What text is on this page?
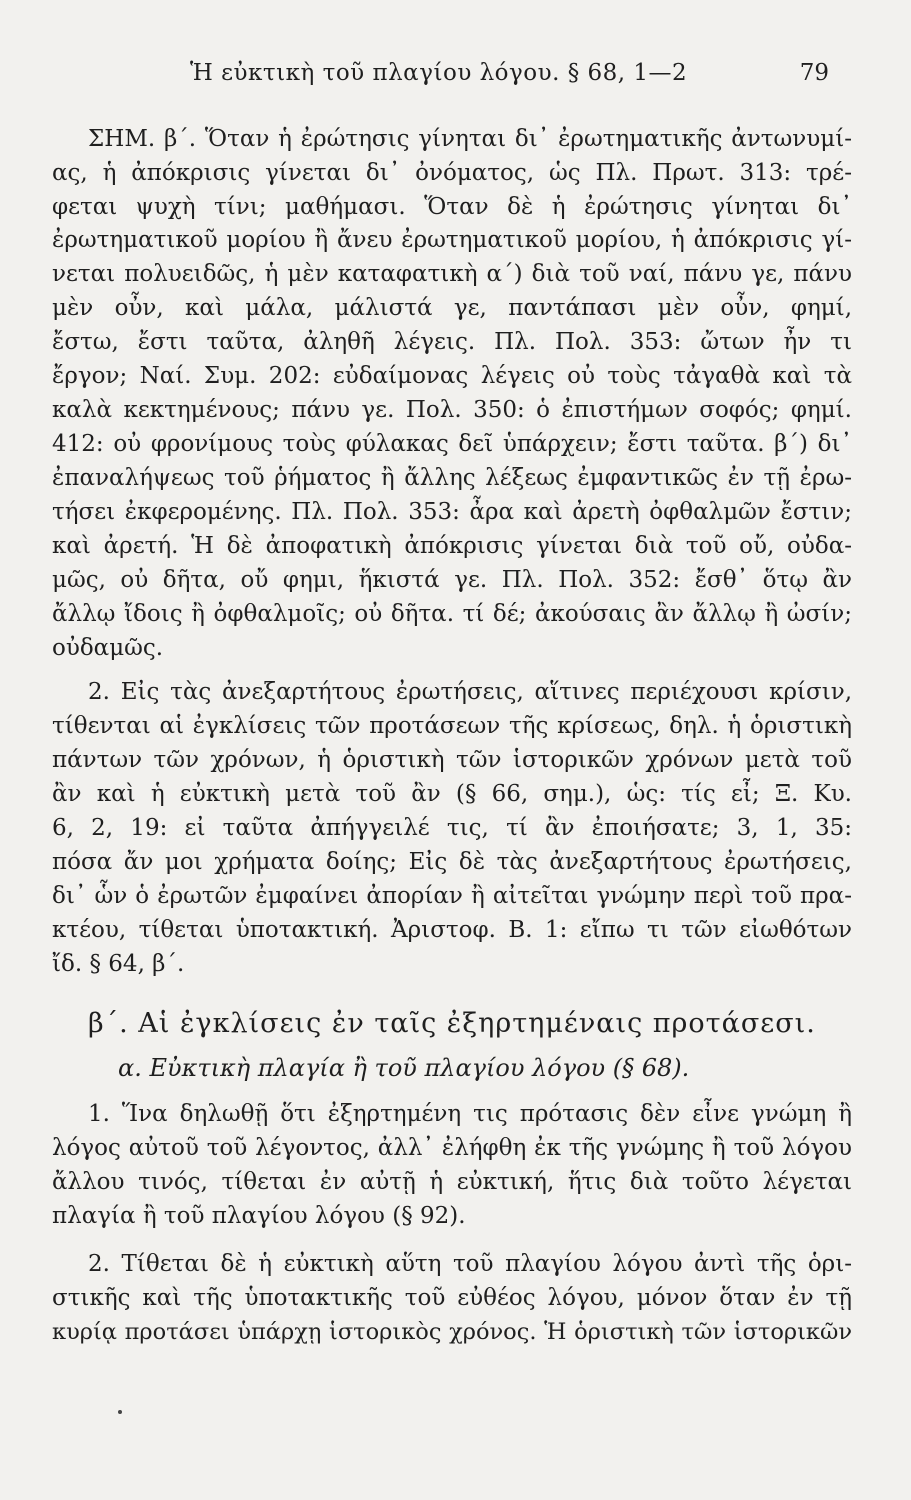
Ἡ εὐκτικὴ τοῦ πλαγίου λόγου. § 68, 1—2	79
ΣΗΜ. β΄. Ὅταν ἡ ἐρώτησις γίνηται δι᾽ ἐρωτηματικῆς ἀντωνυμί-
ας, ἡ ἀπόκρισις γίνεται δι᾽ ὀνόματος, ὡς Πλ. Πρωτ. 313: τρέ-
φεται ψυχὴ τίνι; μαθήμασι. Ὅταν δὲ ἡ ἐρώτησις γίνηται δι᾽
ἐρωτηματικοῦ μορίου ἢ ἄνευ ἐρωτηματικοῦ μορίου, ἡ ἀπόκρισις γί-
νεται πολυειδῶς, ἡ μὲν καταφατικὴ α΄) διὰ τοῦ ναί, πάνυ γε, πάνυ
μὲν οὖν, καὶ μάλα, μάλιστά γε, παντάπασι μὲν οὖν, φημί,
ἔστω, ἔστι ταῦτα, ἀληθῆ λέγεις. Πλ. Πολ. 353: ὤτων ἦν τι
ἔργον; Ναί. Συμ. 202: εὐδαίμονας λέγεις οὐ τοὺς τἀγαθὰ καὶ τὰ
καλὰ κεκτημένους; πάνυ γε. Πολ. 350: ὁ ἐπιστήμων σοφός; φημί.
412: οὐ φρονίμους τοὺς φύλακας δεῖ ὑπάρχειν; ἔστι ταῦτα. β΄) δι᾽
ἐπαναλήψεως τοῦ ῥήματος ἢ ἄλλης λέξεως ἐμφαντικῶς ἐν τῇ ἐρω-
τήσει ἐκφερομένης. Πλ. Πολ. 353: ἆρα καὶ ἀρετὴ ὀφθαλμῶν ἔστιν;
καὶ ἀρετή. Ἡ δὲ ἀποφατικὴ ἀπόκρισις γίνεται διὰ τοῦ οὔ, οὐδα-
μῶς, οὐ δῆτα, οὔ φημι, ἥκιστά γε. Πλ. Πολ. 352: ἔσθ᾽ ὅτῳ ἂν
ἄλλῳ ἴδοις ἢ ὀφθαλμοῖς; οὐ δῆτα. τί δέ; ἀκούσαις ἂν ἄλλῳ ἢ ὠσίν;
οὐδαμῶς.
2. Εἰς τὰς ἀνεξαρτήτους ἐρωτήσεις, αἵτινες περιέχουσι κρίσιν,
τίθενται αἱ ἐγκλίσεις τῶν προτάσεων τῆς κρίσεως, δηλ. ἡ ὁριστικὴ
πάντων τῶν χρόνων, ἡ ὁριστικὴ τῶν ἱστορικῶν χρόνων μετὰ τοῦ
ἂν καὶ ἡ εὐκτικὴ μετὰ τοῦ ἂν (§ 66, σημ.), ὡς: τίς εἶ; Ξ. Κυ.
6, 2, 19: εἰ ταῦτα ἀπήγγειλέ τις, τί ἂν ἐποιήσατε; 3, 1, 35:
πόσα ἄν μοι χρήματα δοίης; Εἰς δὲ τὰς ἀνεξαρτήτους ἐρωτήσεις,
δι᾽ ὧν ὁ ἐρωτῶν ἐμφαίνει ἀπορίαν ἢ αἰτεῖται γνώμην περὶ τοῦ πρα-
κτέου, τίθεται ὑποτακτική. Ἀριστοφ. Β. 1: εἴπω τι τῶν εἰωθότων
ἴδ. § 64, β΄.
β΄. Αἱ ἐγκλίσεις ἐν ταῖς ἐξηρτημέναις προτάσεσι.
α. Εὐκτικὴ πλαγία ἢ τοῦ πλαγίου λόγου (§ 68).
1. Ἵνα δηλωθῇ ὅτι ἐξηρτημένη τις πρότασις δὲν εἶνε γνώμη ἢ
λόγος αὐτοῦ τοῦ λέγοντος, ἀλλ᾽ ἐλήφθη ἐκ τῆς γνώμης ἢ τοῦ λόγου
ἄλλου τινός, τίθεται ἐν αὐτῇ ἡ εὐκτική, ἥτις διὰ τοῦτο λέγεται
πλαγία ἢ τοῦ πλαγίου λόγου (§ 92).
2. Τίθεται δὲ ἡ εὐκτικὴ αὕτη τοῦ πλαγίου λόγου ἀντὶ τῆς ὁρι-
στικῆς καὶ τῆς ὑποτακτικῆς τοῦ εὐθέος λόγου, μόνον ὅταν ἐν τῇ
κυρίᾳ προτάσει ὑπάρχῃ ἱστορικὸς χρόνος. Ἡ ὁριστικὴ τῶν ἱστορικῶν
